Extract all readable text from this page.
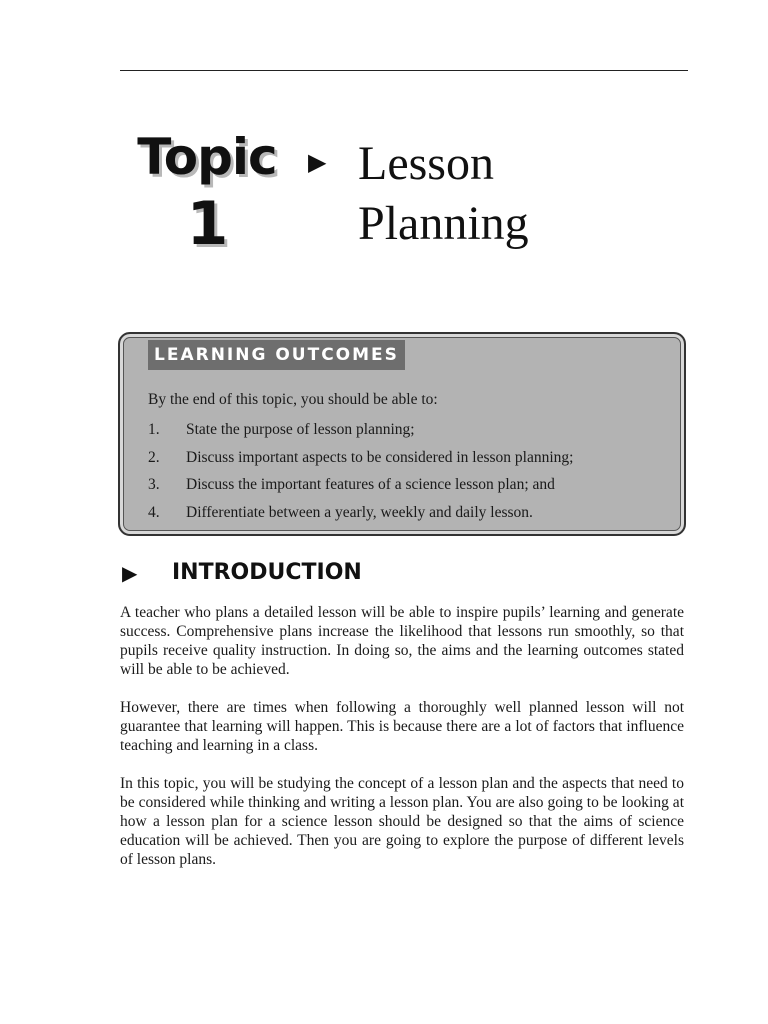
Topic
1
▶ Lesson
Planning
LEARNING OUTCOMES
By the end of this topic, you should be able to:
1. State the purpose of lesson planning;
2. Discuss important aspects to be considered in lesson planning;
3. Discuss the important features of a science lesson plan; and
4. Differentiate between a yearly, weekly and daily lesson.
▶ INTRODUCTION

A teacher who plans a detailed lesson will be able to inspire pupils’ learning and generate success. Comprehensive plans increase the likelihood that lessons run smoothly, so that pupils receive quality instruction. In doing so, the aims and the learning outcomes stated will be able to be achieved.

However, there are times when following a thoroughly well planned lesson will not guarantee that learning will happen. This is because there are a lot of factors that influence teaching and learning in a class.

In this topic, you will be studying the concept of a lesson plan and the aspects that need to be considered while thinking and writing a lesson plan. You are also going to be looking at how a lesson plan for a science lesson should be designed so that the aims of science education will be achieved. Then you are going to explore the purpose of different levels of lesson plans.
